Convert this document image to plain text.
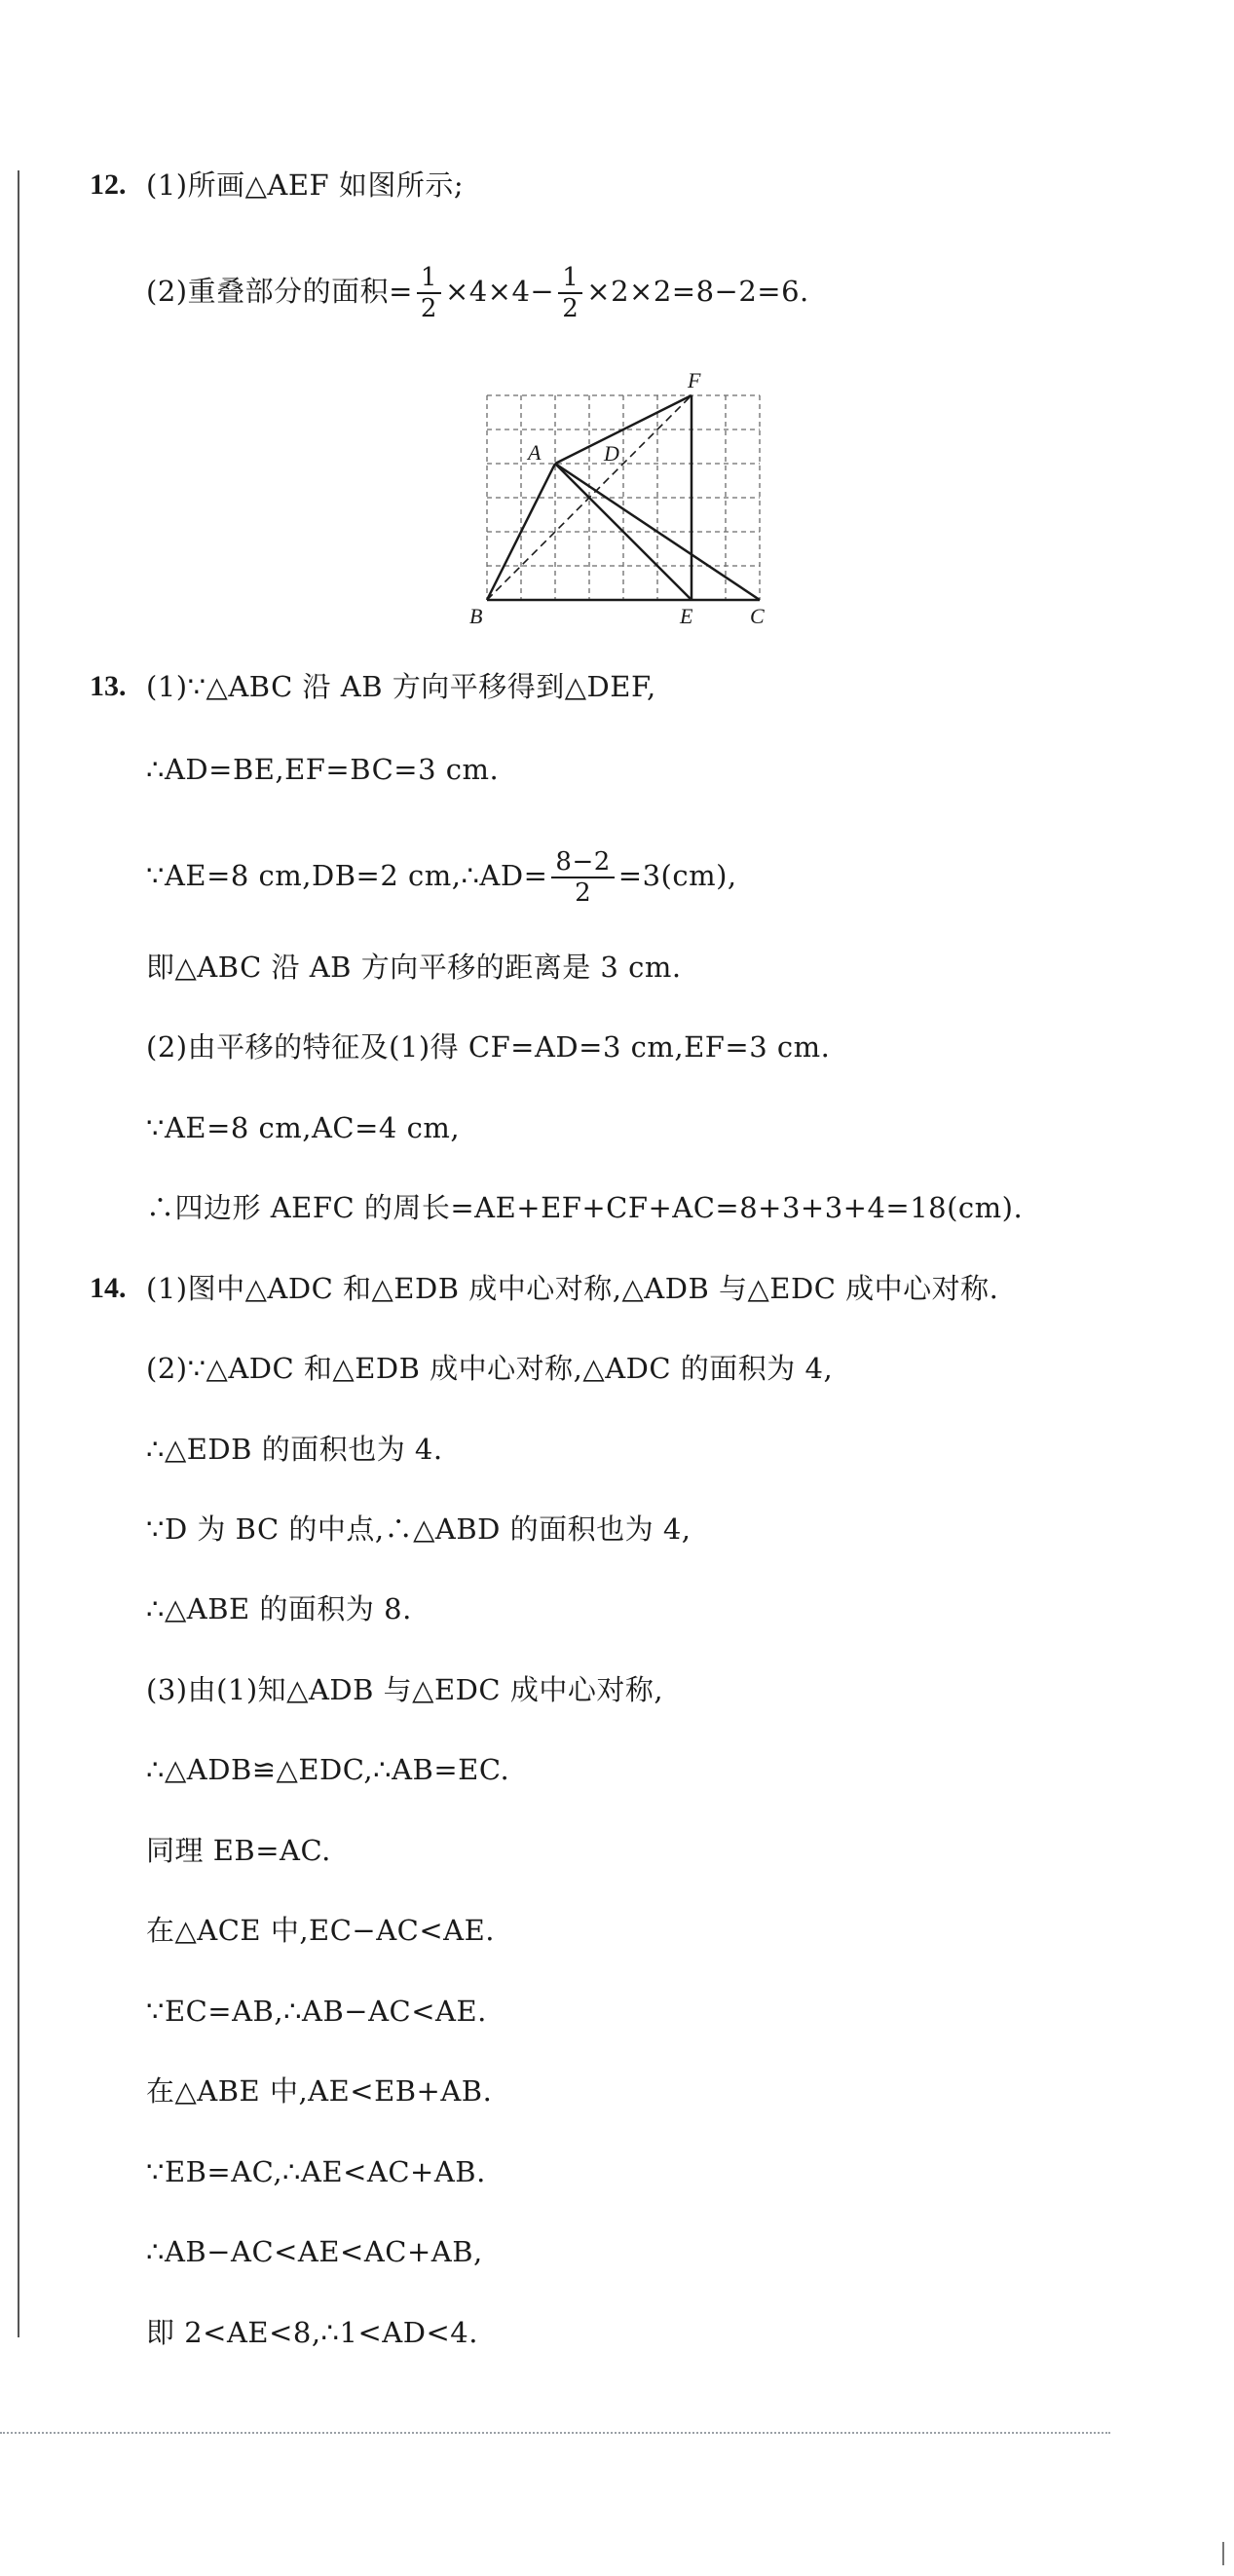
12. (1)所画△AEF 如图所示;
(2)重叠部分的面积= $\frac{1}{2} \times 4\times 4- \frac{1}{2} \times 2\times 2=8-2=6$.
A
B	E	C
D
F
13. (1)∵△ABC 沿 AB 方向平移得到△DEF,
∴AD=BE,EF=BC=3 cm.
∵AE=8 cm,DB=2 cm,∴AD= $\frac{8-2}{2} =3(cm)$,
即△ABC 沿 AB 方向平移的距离是 3 cm.
(2)由平移的特征及(1)得 CF=AD=3 cm,EF=3 cm.
∵AE=8 cm,AC=4 cm,
∴四边形 AEFC 的周长=AE+EF+CF+AC=8+3+3+4=18(cm).
14. (1)图中△ADC 和△EDB 成中心对称,△ADB 与△EDC 成中心对称.
(2)∵△ADC 和△EDB 成中心对称,△ADC 的面积为 4,
∴△EDB 的面积也为 4.
∵D 为 BC 的中点,∴△ABD 的面积也为 4,
∴△ABE 的面积为 8.
(3)由(1)知△ADB 与△EDC 成中心对称,
∴△ADB≌△EDC,∴AB=EC.
同理 EB=AC.
在△ACE 中,EC−AC<AE.
∵EC=AB,∴AB−AC<AE.
在△ABE 中,AE<EB+AB.
∵EB=AC,∴AE<AC+AB.
∴AB−AC<AE<AC+AB,
即 2<AE<8,∴1<AD<4.
